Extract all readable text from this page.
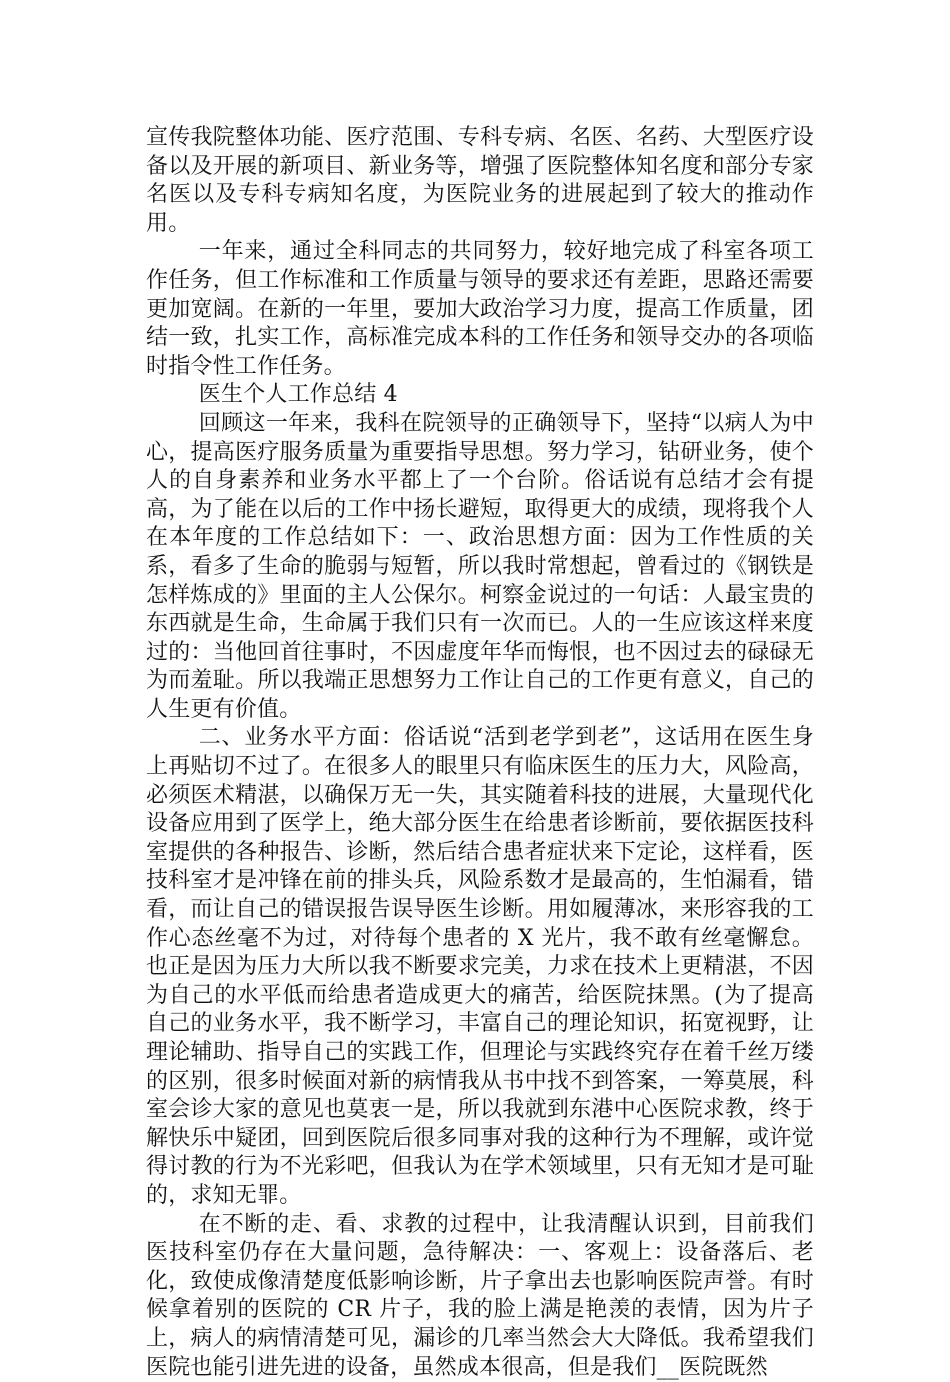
宣传我院整体功能、医疗范围、专科专病、名医、名药、大型医疗设备以及开展的新项目、新业务等，增强了医院整体知名度和部分专家名医以及专科专病知名度，为医院业务的进展起到了较大的推动作用。

一年来，通过全科同志的共同努力，较好地完成了科室各项工作任务，但工作标准和工作质量与领导的要求还有差距，思路还需要更加宽阔。在新的一年里，要加大政治学习力度，提高工作质量，团结一致，扎实工作，高标准完成本科的工作任务和领导交办的各项临时指令性工作任务。

医生个人工作总结 4

回顾这一年来，我科在院领导的正确领导下，坚持“以病人为中心，提高医疗服务质量为重要指导思想。努力学习，钻研业务，使个人的自身素养和业务水平都上了一个台阶。俗话说有总结才会有提高，为了能在以后的工作中扬长避短，取得更大的成绩，现将我个人在本年度的工作总结如下：一、政治思想方面：因为工作性质的关系，看多了生命的脆弱与短暂，所以我时常想起，曾看过的《钢铁是怎样炼成的》里面的主人公保尔。柯察金说过的一句话：人最宝贵的东西就是生命，生命属于我们只有一次而已。人的一生应该这样来度过的：当他回首往事时，不因虚度年华而悔恨，也不因过去的碌碌无为而羞耻。所以我端正思想努力工作让自己的工作更有意义，自己的人生更有价值。

二、业务水平方面：俗话说“活到老学到老”，这话用在医生身上再贴切不过了。在很多人的眼里只有临床医生的压力大，风险高，必须医术精湛，以确保万无一失，其实随着科技的进展，大量现代化设备应用到了医学上，绝大部分医生在给患者诊断前，要依据医技科室提供的各种报告、诊断，然后结合患者症状来下定论，这样看，医技科室才是冲锋在前的排头兵，风险系数才是最高的，生怕漏看，错看，而让自己的错误报告误导医生诊断。用如履薄冰，来形容我的工作心态丝毫不为过，对待每个患者的 X 光片，我不敢有丝毫懈怠。也正是因为压力大所以我不断要求完美，力求在技术上更精湛，不因为自己的水平低而给患者造成更大的痛苦，给医院抹黑。(为了提高自己的业务水平，我不断学习，丰富自己的理论知识，拓宽视野，让理论辅助、指导自己的实践工作，但理论与实践终究存在着千丝万缕的区别，很多时候面对新的病情我从书中找不到答案，一筹莫展，科室会诊大家的意见也莫衷一是，所以我就到东港中心医院求教，终于解快乐中疑团，回到医院后很多同事对我的这种行为不理解，或许觉得讨教的行为不光彩吧，但我认为在学术领域里，只有无知才是可耻的，求知无罪。

在不断的走、看、求教的过程中，让我清醒认识到，目前我们医技科室仍存在大量问题，急待解决：一、客观上：设备落后、老化，致使成像清楚度低影响诊断，片子拿出去也影响医院声誉。有时候拿着别的医院的 CR 片子，我的脸上满是艳羡的表情，因为片子上，病人的病情清楚可见，漏诊的几率当然会大大降低。我希望我们医院也能引进先进的设备，虽然成本很高，但是我们__医院既然
